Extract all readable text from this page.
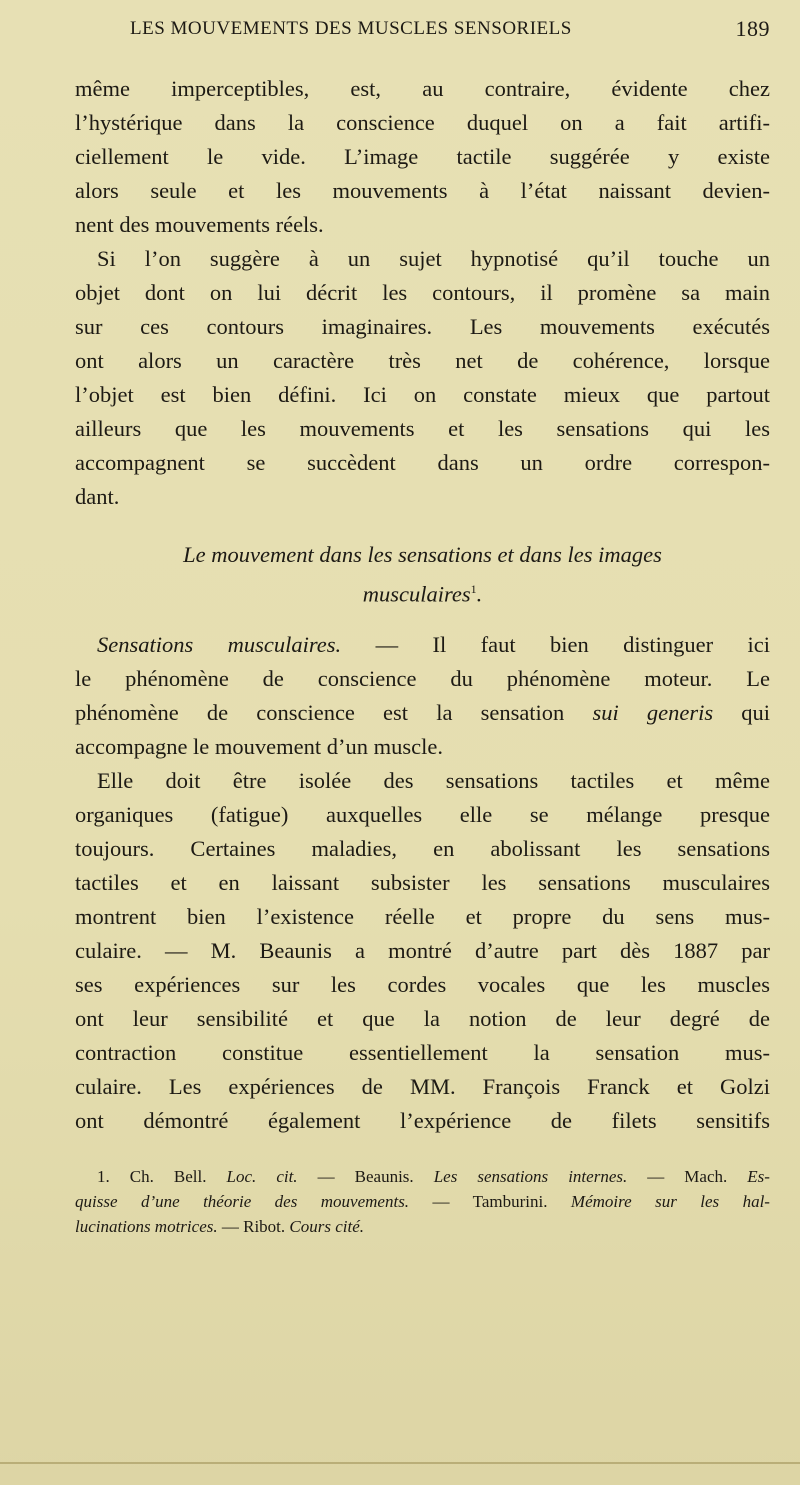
LES MOUVEMENTS DES MUSCLES SENSORIELS	189
même imperceptibles, est, au contraire, évidente chez
l’hystérique dans la conscience duquel on a fait artifi-
ciellement le vide. L’image tactile suggérée y existe
alors seule et les mouvements à l’état naissant devien-
nent des mouvements réels.
Si l’on suggère à un sujet hypnotisé qu’il touche un
objet dont on lui décrit les contours, il promène sa main
sur ces contours imaginaires. Les mouvements exécutés
ont alors un caractère très net de cohérence, lorsque
l’objet est bien défini. Ici on constate mieux que partout
ailleurs que les mouvements et les sensations qui les
accompagnent se succèdent dans un ordre correspon-
dant.
Le mouvement dans les sensations et dans les images
musculaires$^1$.
Sensations musculaires. — Il faut bien distinguer ici
le phénomène de conscience du phénomène moteur. Le
phénomène de conscience est la sensation sui generis qui
accompagne le mouvement d’un muscle.
Elle doit être isolée des sensations tactiles et même
organiques (fatigue) auxquelles elle se mélange presque
toujours. Certaines maladies, en abolissant les sensations
tactiles et en laissant subsister les sensations musculaires
montrent bien l’existence réelle et propre du sens mus-
culaire. — M. Beaunis a montré d’autre part dès 1887 par
ses expériences sur les cordes vocales que les muscles
ont leur sensibilité et que la notion de leur degré de
contraction constitue essentiellement la sensation mus-
culaire. Les expériences de MM. François Franck et Golzi
ont démontré également l’expérience de filets sensitifs
1. Ch. Bell. Loc. cit. — Beaunis. Les sensations internes. — Mach. Es-
quisse d’une théorie des mouvements. — Tamburini. Mémoire sur les hal-
lucinations motrices. — Ribot. Cours cité.
